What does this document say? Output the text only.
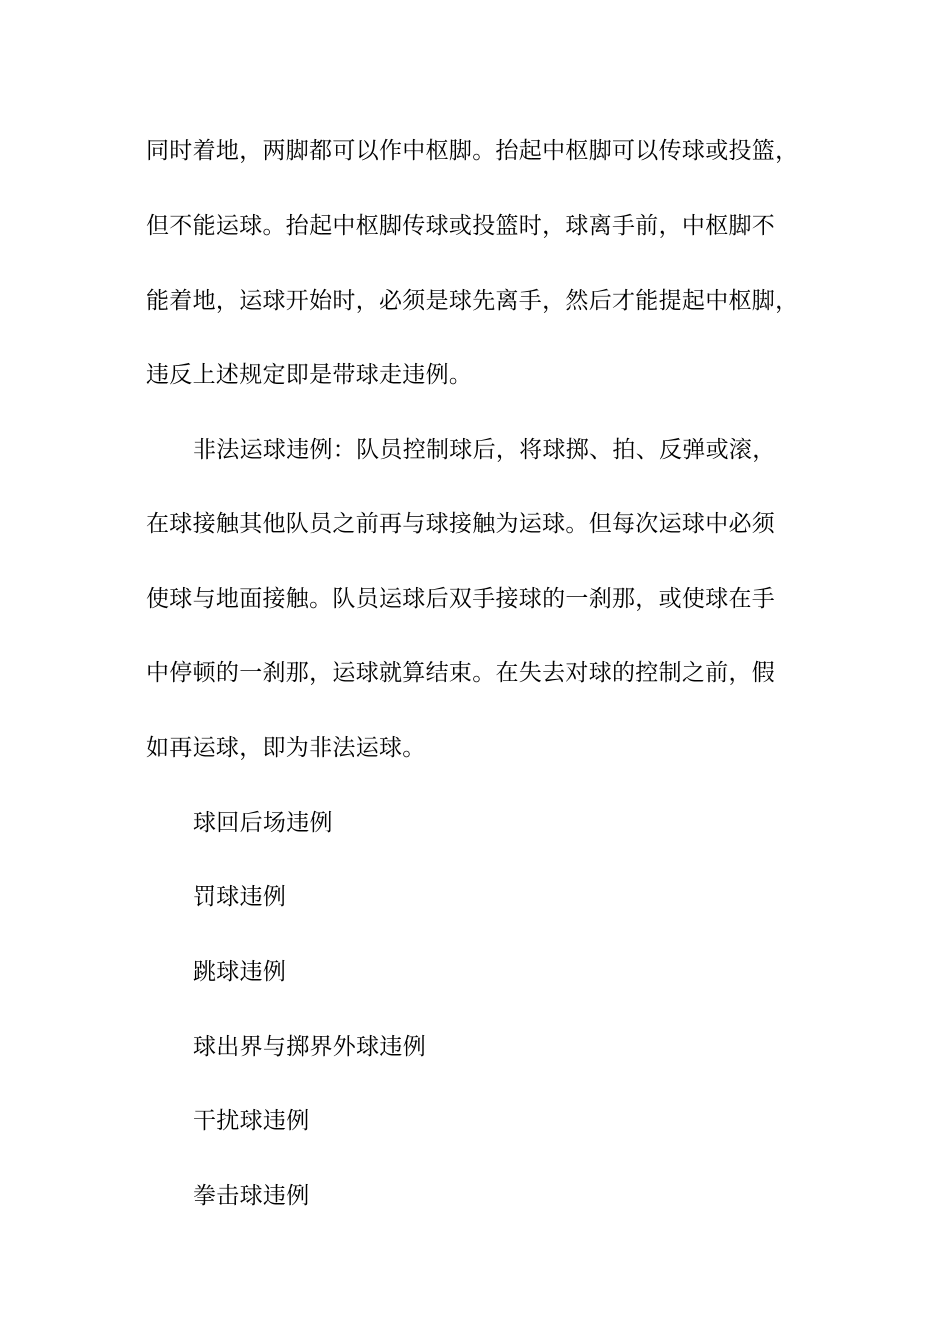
同时着地，两脚都可以作中枢脚。抬起中枢脚可以传球或投篮，
但不能运球。抬起中枢脚传球或投篮时，球离手前，中枢脚不
能着地，运球开始时，必须是球先离手，然后才能提起中枢脚，
违反上述规定即是带球走违例。
非法运球违例：队员控制球后，将球掷、拍、反弹或滚，
在球接触其他队员之前再与球接触为运球。但每次运球中必须
使球与地面接触。队员运球后双手接球的一刹那，或使球在手
中停顿的一刹那，运球就算结束。在失去对球的控制之前，假
如再运球，即为非法运球。
球回后场违例
罚球违例
跳球违例
球出界与掷界外球违例
干扰球违例
拳击球违例
